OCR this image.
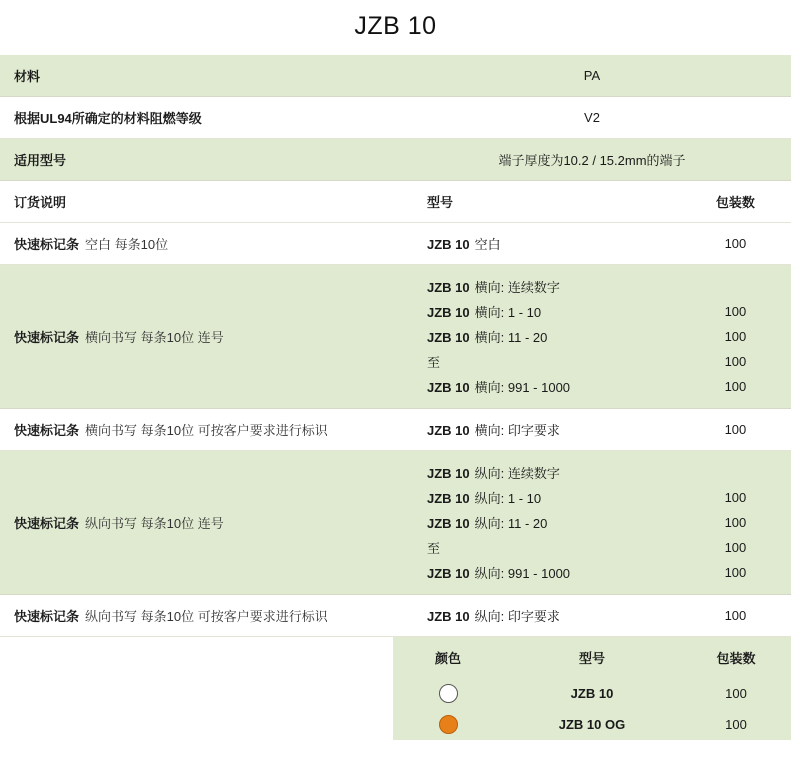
JZB 10
材料	PA

根据UL94所确定的材料阻燃等级	V2

适用型号	端子厚度为10.2 / 15.2mm的端子

订货说明
		型号	包装数

快速标记条 空白 每条10位
		JZB 10 空白	100

快速标记条 横向书写 每条10位 连号

JZB 10 横向: 连续数字	
JZB 10 横向: 1 - 10	100
JZB 10 横向: 11 - 20	100
至	100
JZB 10 横向: 991 - 1000	100

快速标记条 横向书写 每条10位 可按客户要求进行标识
		JZB 10 横向: 印字要求	100

快速标记条 纵向书写 每条10位 连号

JZB 10 纵向: 连续数字	
JZB 10 纵向: 1 - 10	100
JZB 10 纵向: 11 - 20	100
至	100
JZB 10 纵向: 991 - 1000	100

快速标记条 纵向书写 每条10位 可按客户要求进行标识
		JZB 10 纵向: 印字要求	100

颜色	型号	包装数

	JZB 10	100
	JZB 10 OG	100
